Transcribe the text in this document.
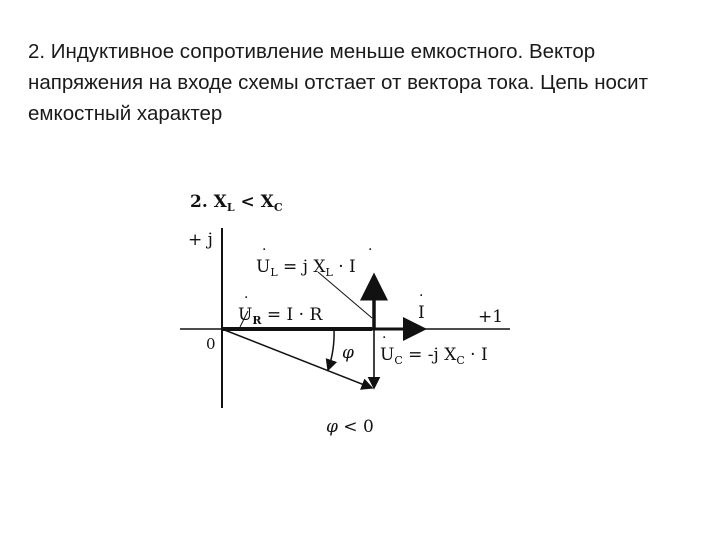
2. Индуктивное сопротивление меньше емкостного. Вектор напряжения на входе схемы отстает от вектора тока. Цепь носит емкостный характер

2. $X_L < X_C$
+ j
+1
0	φ
$U_L = j$ $X_L \cdot I$
·	·
$U_R = I \cdot R$
·
I
·
$U_C = -j$ $X_C \cdot I$
·
φ < 0
